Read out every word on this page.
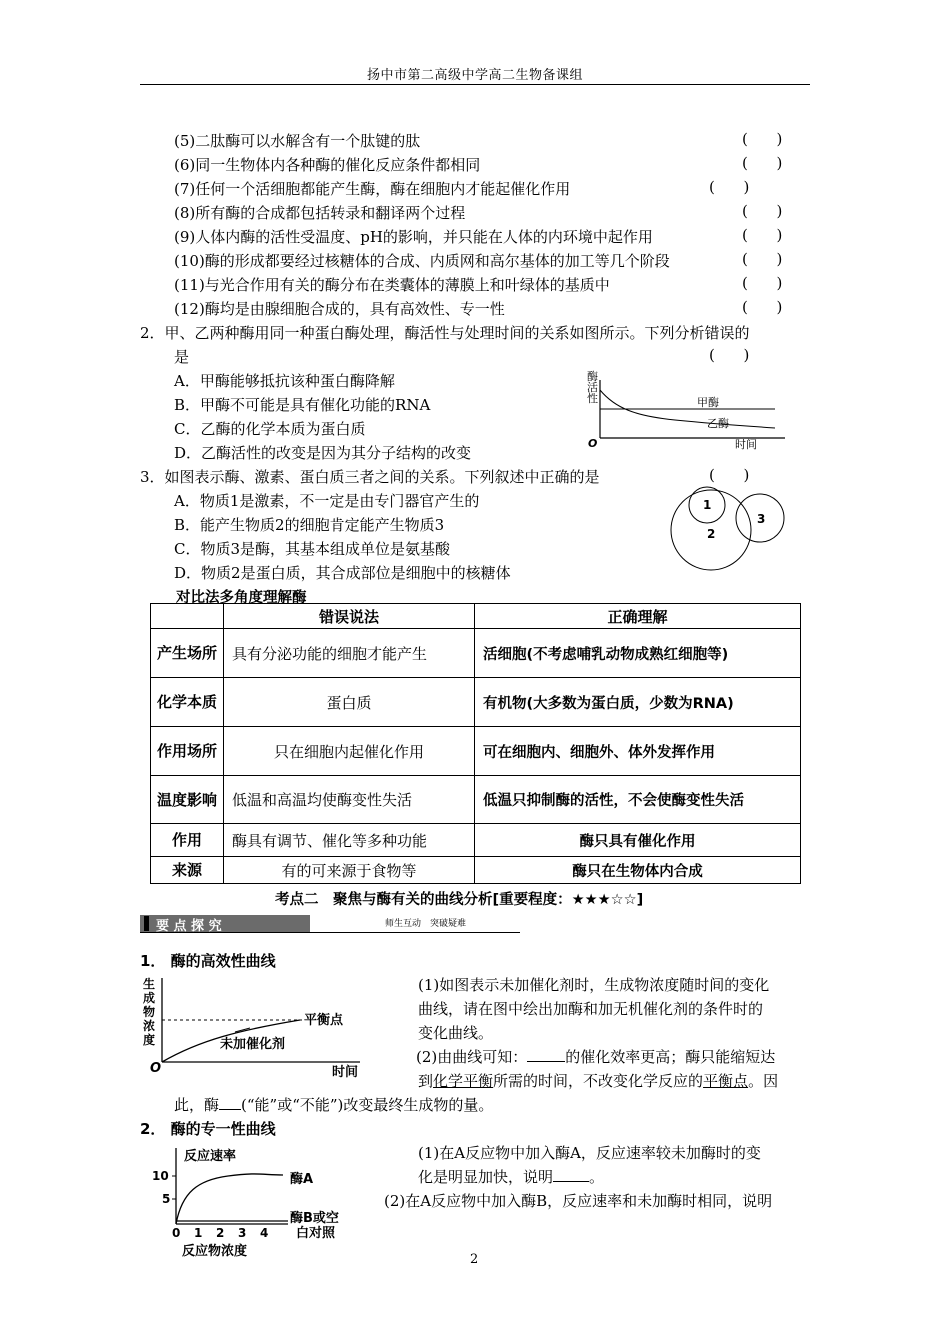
扬中市第二高级中学高二生物备课组
(5)二肽酶可以水解含有一个肽键的肽	(      )
(6)同一生物体内各种酶的催化反应条件都相同	(      )
(7)任何一个活细胞都能产生酶，酶在细胞内才能起催化作用	(      )
(8)所有酶的合成都包括转录和翻译两个过程	(      )
(9)人体内酶的活性受温度、pH的影响，并只能在人体的内环境中起作用	(      )
(10)酶的形成都要经过核糖体的合成、内质网和高尔基体的加工等几个阶段	(      )
(11)与光合作用有关的酶分布在类囊体的薄膜上和叶绿体的基质中	(      )
(12)酶均是由腺细胞合成的，具有高效性、专一性	(      )
2．甲、乙两种酶用同一种蛋白酶处理，酶活性与处理时间的关系如图所示。下列分析错误的
是	(      )
A．甲酶能够抵抗该种蛋白酶降解
B．甲酶不可能是具有催化功能的RNA
C．乙酶的化学本质为蛋白质
D．乙酶活性的改变是因为其分子结构的改变
酶
活
性	甲酶
乙酶
O	时间
3．如图表示酶、激素、蛋白质三者之间的关系。下列叙述中正确的是	(      )
A．物质1是激素，不一定是由专门器官产生的
B．能产生物质2的细胞肯定能产生物质3
C．物质3是酶，其基本组成单位是氨基酸
D．物质2是蛋白质，其合成部位是细胞中的核糖体
1
2
3
对比法多角度理解酶
	错误说法	正确理解
产生场所	具有分泌功能的细胞才能产生	活细胞(不考虑哺乳动物成熟红细胞等)
化学本质	蛋白质	有机物(大多数为蛋白质，少数为RNA)
作用场所	只在细胞内起催化作用	可在细胞内、细胞外、体外发挥作用
温度影响	低温和高温均使酶变性失活	低温只抑制酶的活性，不会使酶变性失活
作用	酶具有调节、催化等多种功能	酶只具有催化作用
来源	有的可来源于食物等	酶只在生物体内合成
考点二　聚焦与酶有关的曲线分析[重要程度：★★★☆☆]
要 点 探 究	师生互动　突破疑难
1． 酶的高效性曲线
生
成
物
浓
度
平衡点
未加催化剂
O	时间
(1)如图表示未加催化剂时，生成物浓度随时间的变化
曲线，请在图中绘出加酶和加无机催化剂的条件时的
变化曲线。
(2)由曲线可知：	的催化效率更高；酶只能缩短达
到化学平衡所需的时间，不改变化学反应的平衡点。因
此，酶 (“能”或“不能”)改变最终生成物的量。
2． 酶的专一性曲线
反应速率
10
5
酶A
酶B或空
白对照
0 1 2 3 4
反应物浓度
(1)在A反应物中加入酶A，反应速率较未加酶时的变
化是明显加快，说明 。
(2)在A反应物中加入酶B，反应速率和未加酶时相同，说明
2
